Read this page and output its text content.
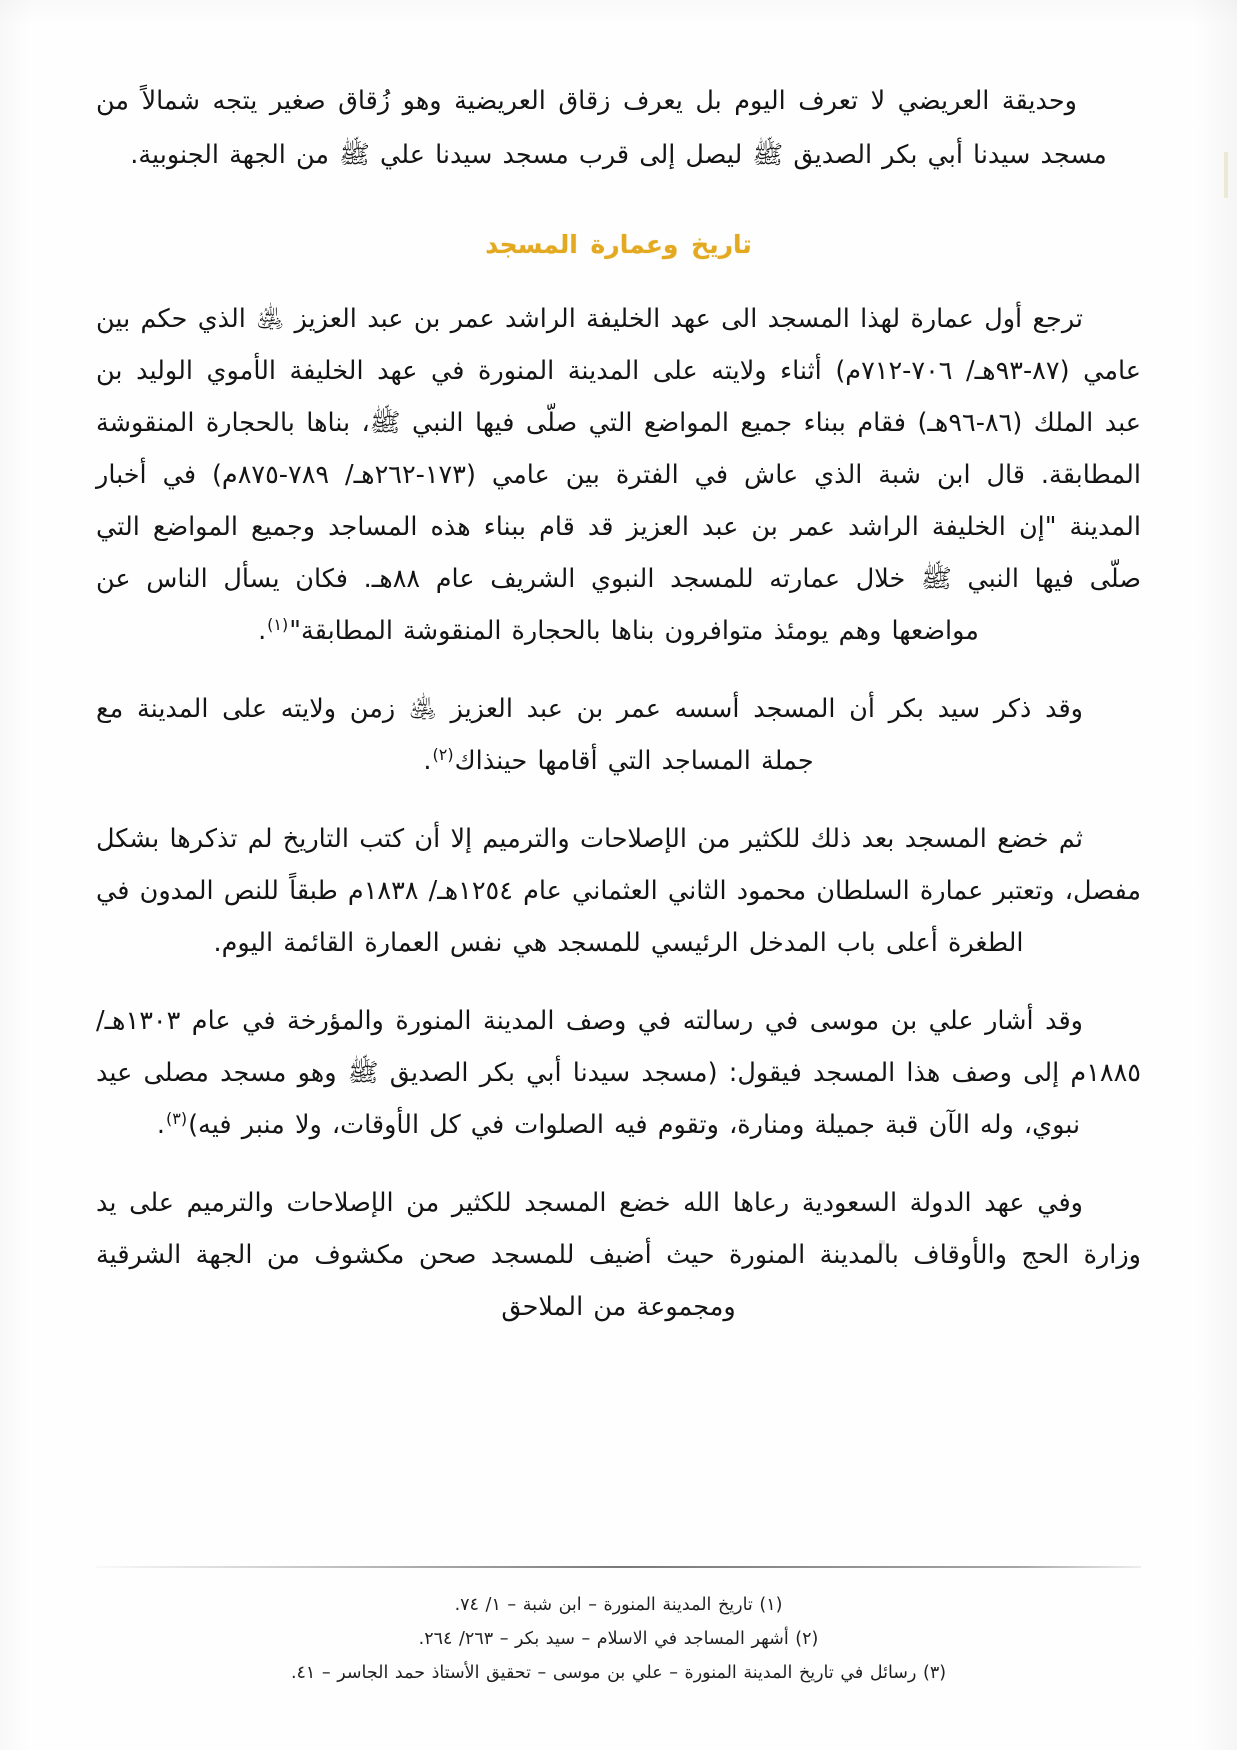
وحديقة العريضي لا تعرف اليوم بل يعرف زقاق العريضية وهو زُقاق صغير يتجه شمالاً من مسجد سيدنا أبي بكر الصديق ﷺ ليصل إلى قرب مسجد سيدنا علي ﷺ من الجهة الجنوبية.

تاريخ وعمارة المسجد

ترجع أول عمارة لهذا المسجد الى عهد الخليفة الراشد عمر بن عبد العزيز ﵁ الذي حكم بين عامي (٨٧-٩٣هـ/ ٧٠٦-٧١٢م) أثناء ولايته على المدينة المنورة في عهد الخليفة الأموي الوليد بن عبد الملك (٨٦-٩٦هـ) فقام ببناء جميع المواضع التي صلّى فيها النبي ﷺ، بناها بالحجارة المنقوشة المطابقة. قال ابن شبة الذي عاش في الفترة بين عامي (١٧٣-٢٦٢هـ/ ٧٨٩-٨٧٥م) في أخبار المدينة "إن الخليفة الراشد عمر بن عبد العزيز قد قام ببناء هذه المساجد وجميع المواضع التي صلّى فيها النبي ﷺ خلال عمارته للمسجد النبوي الشريف عام ٨٨هـ. فكان يسأل الناس عن مواضعها وهم يومئذ متوافرون بناها بالحجارة المنقوشة المطابقة"$^{(١)}$.

وقد ذكر سيد بكر أن المسجد أسسه عمر بن عبد العزيز ﵁ زمن ولايته على المدينة مع جملة المساجد التي أقامها حينذاك$^{(٢)}$.

ثم خضع المسجد بعد ذلك للكثير من الإصلاحات والترميم إلا أن كتب التاريخ لم تذكرها بشكل مفصل، وتعتبر عمارة السلطان محمود الثاني العثماني عام ١٢٥٤هـ/ ١٨٣٨م طبقاً للنص المدون في الطغرة أعلى باب المدخل الرئيسي للمسجد هي نفس العمارة القائمة اليوم.

وقد أشار علي بن موسى في رسالته في وصف المدينة المنورة والمؤرخة في عام ١٣٠٣هـ/ ١٨٨٥م إلى وصف هذا المسجد فيقول: (مسجد سيدنا أبي بكر الصديق ﷺ وهو مسجد مصلى عيد نبوي، وله الآن قبة جميلة ومنارة، وتقوم فيه الصلوات في كل الأوقات، ولا منبر فيه)$^{(٣)}$.

وفي عهد الدولة السعودية رعاها الله خضع المسجد للكثير من الإصلاحات والترميم على يد وزارة الحج والأوقاف بالمدينة المنورة حيث أضيف للمسجد صحن مكشوف من الجهة الشرقية ومجموعة من الملاحق

(١) تاريخ المدينة المنورة – ابن شبة – ١/ ٧٤.

(٢) أشهر المساجد في الاسلام – سيد بكر – ٢٦٣/ ٢٦٤.

(٣) رسائل في تاريخ المدينة المنورة – علي بن موسى – تحقيق الأستاذ حمد الجاسر – ٤١.
